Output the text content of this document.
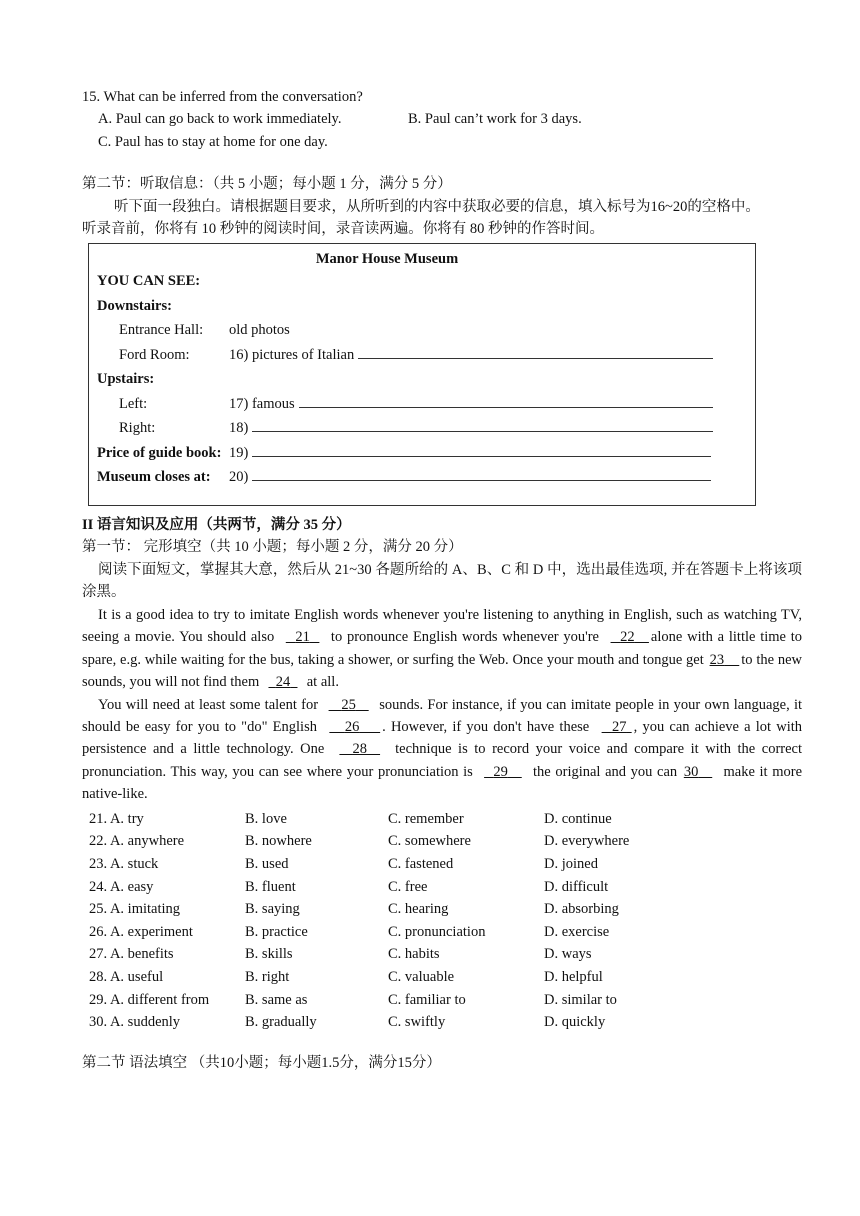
15. What can be inferred from the conversation?
A. Paul can go back to work immediately.	B. Paul can’t work for 3 days.
C. Paul has to stay at home for one day.
第二节：听取信息：（共 5 小题；每小题 1 分，满分 5 分）
听下面一段独白。请根据题目要求，从所听到的内容中获取必要的信息，填入标号为16~20的空格中。
听录音前，你将有 10 秒钟的阅读时间，录音读两遍。你将有 80 秒钟的作答时间。
Manor House Museum
YOU CAN SEE:
Downstairs:
Entrance Hall:	old photos
Ford Room:	16) pictures of Italian
Upstairs:
Left:	17) famous
Right:	18)
Price of guide book: 19)
Museum closes at:	20)
II 语言知识及应用（共两节，满分 35 分）
第一节： 完形填空（共 10 小题；每小题 2 分，满分 20 分）
阅读下面短文，掌握其大意，然后从 21~30 各题所给的 A、B、C 和 D 中，选出最佳选项, 并在答题卡上将该项涂黑。
It is a good idea to try to imitate English words whenever you're listening to anything in English, such as watching TV, seeing a movie. You should also 21 to pronounce English words whenever you're 22 alone with a little time to spare, e.g. while waiting for the bus, taking a shower, or surfing the Web. Once your mouth and tongue get 23 to the new sounds, you will not find them 24 at all.
You will need at least some talent for 25 sounds. For instance, if you can imitate people in your own language, it should be easy for you to "do" English 26 . However, if you don't have these 27 , you can achieve a lot with persistence and a little technology. One 28 technique is to record your voice and compare it with the correct pronunciation. This way, you can see where your pronunciation is 29 the original and you can 30 make it more native-like.
21. A. try	B. love	C. remember	D. continue
22. A. anywhere	B. nowhere	C. somewhere	D. everywhere
23. A. stuck	B. used	C. fastened	D. joined
24. A. easy	B. fluent	C. free	D. difficult
25. A. imitating	B. saying	C. hearing	D. absorbing
26. A. experiment	B. practice	C. pronunciation	D. exercise
27. A. benefits	B. skills	C. habits	D. ways
28. A. useful	B. right	C. valuable	D. helpful
29. A. different from	B. same as	C. familiar to	D. similar to
30. A. suddenly	B. gradually	C. swiftly	D. quickly
第二节 语法填空 （共10小题；每小题1.5分，满分15分）
